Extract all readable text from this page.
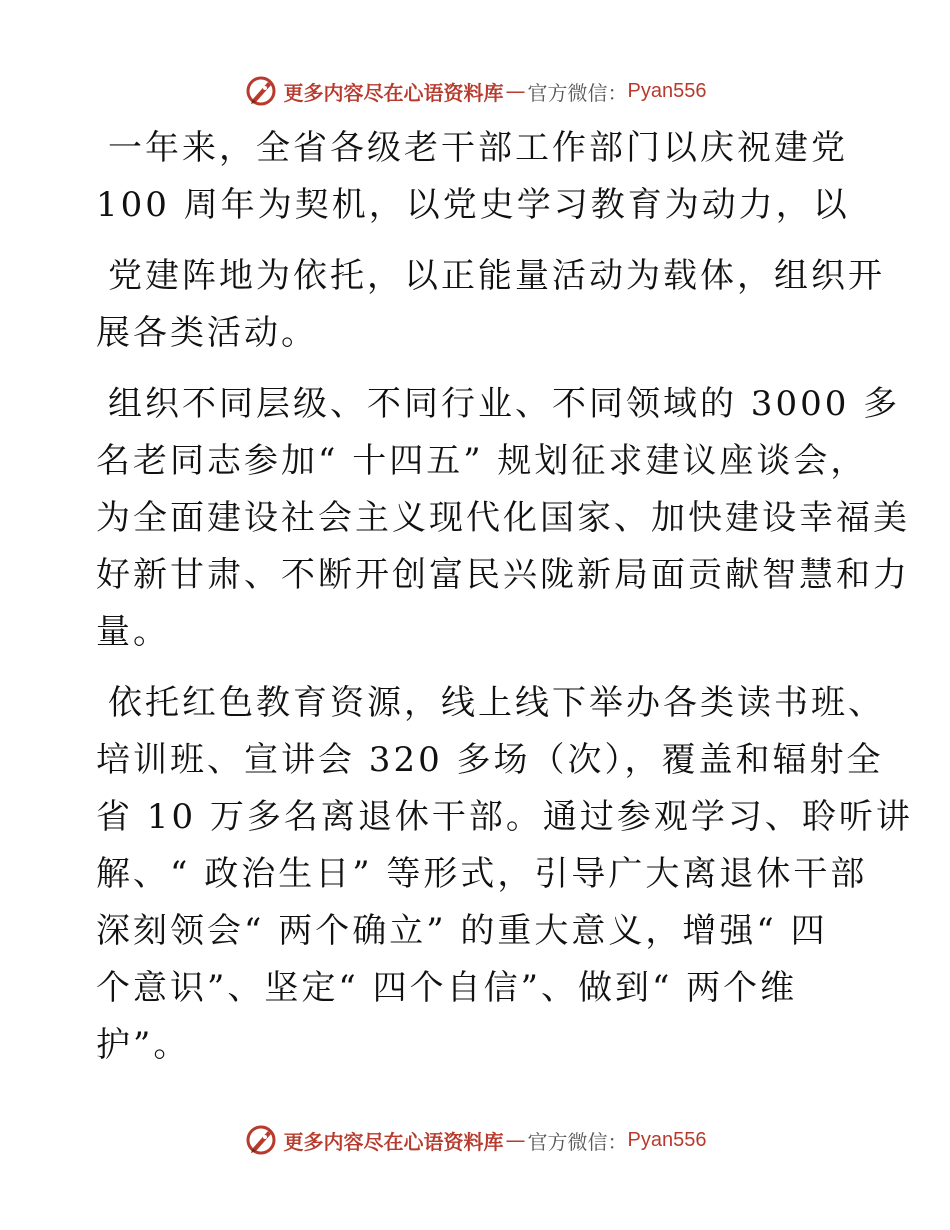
更多内容尽在心语资料库 — 官方微信： Pyan556
一年来，全省各级老干部工作部门以庆祝建党
100 周年为契机，以党史学习教育为动力，以
党建阵地为依托，以正能量活动为载体，组织开
展各类活动。
组织不同层级、不同行业、不同领域的 3000 多
名老同志参加“ 十四五” 规划征求建议座谈会，
为全面建设社会主义现代化国家、加快建设幸福美
好新甘肃、不断开创富民兴陇新局面贡献智慧和力
量。
依托红色教育资源，线上线下举办各类读书班、
培训班、宣讲会 320 多场（次），覆盖和辐射全
省 10 万多名离退休干部。通过参观学习、聆听讲
解、“ 政治生日” 等形式，引导广大离退休干部
深刻领会“ 两个确立” 的重大意义，增强“ 四
个意识”、坚定“ 四个自信”、做到“ 两个维
护”。
更多内容尽在心语资料库 — 官方微信： Pyan556
